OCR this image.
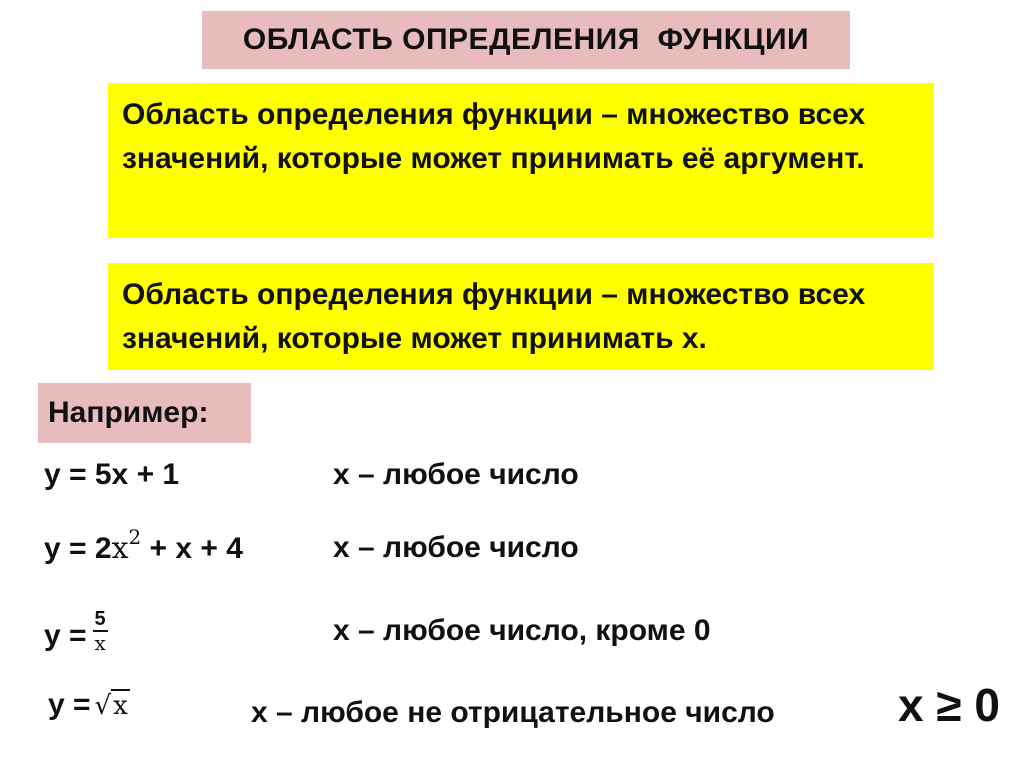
ОБЛАСТЬ ОПРЕДЕЛЕНИЯ  ФУНКЦИИ
Область определения функции – множество всех значений, которые может принимать её аргумент.
Область определения функции – множество всех значений, которые может принимать x.
Например:
y = 5x + 1	x – любое число
$y = 2x^2 + x + 4$	x – любое число
$y = \frac{5}{x}$	x – любое число, кроме 0
y = √x	x – любое не отрицательное число	x ≥ 0
